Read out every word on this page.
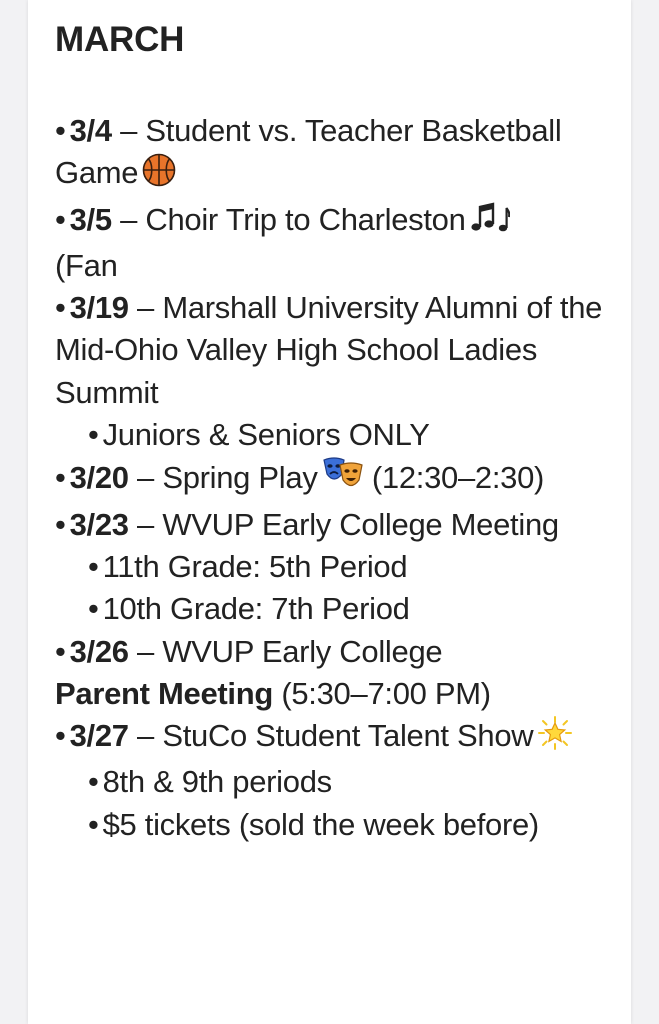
MARCH

• 3/4 – Student vs. Teacher Basketball Game

• 3/5 – Choir Trip to Charleston
(Fan

• 3/19 – Marshall University Alumni of the Mid-Ohio Valley High School Ladies Summit

• Juniors & Seniors ONLY

• 3/20 – Spring Play (12:30–2:30)

• 3/23 – WVUP Early College Meeting

• 11th Grade: 5th Period

• 10th Grade: 7th Period

• 3/26 – WVUP Early College
Parent Meeting (5:30–7:00 PM)

• 3/27 – StuCo Student Talent Show

• 8th & 9th periods

• $5 tickets (sold the week before)
